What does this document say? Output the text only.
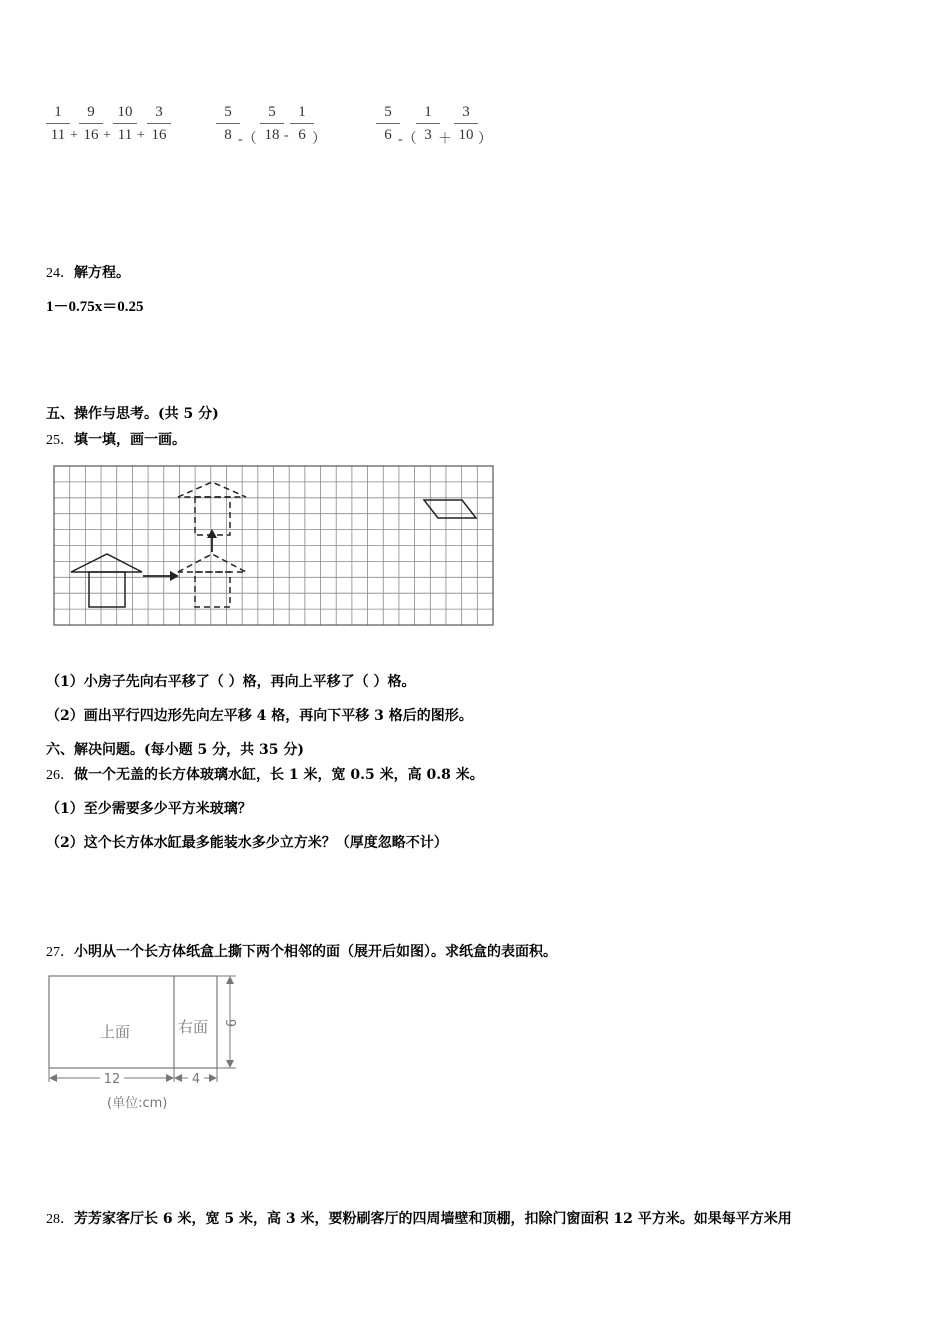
1
11 +
9
16 +
10
11 +
3
16
5
8 -（
5
18 -
1
6 ）
5
6 -（
1
3 ＋
3
10 ）
24．解方程。
1－0.75x＝0.25
五、操作与思考。(共 5 分)
25．填一填，画一画。
（1）小房子先向右平移了（ ）格，再向上平移了（ ）格。
（2）画出平行四边形先向左平移 4 格，再向下平移 3 格后的图形。
六、解决问题。(每小题 5 分，共 35 分)
26．做一个无盖的长方体玻璃水缸，长 1 米，宽 0.5 米，高 0.8 米。
（1）至少需要多少平方米玻璃？
（2）这个长方体水缸最多能装水多少立方米？（厚度忽略不计）
27．小明从一个长方体纸盒上撕下两个相邻的面（展开后如图）。求纸盒的表面积。
上面	右面 9
12	4
(单位:cm)
28．芳芳家客厅长 6 米，宽 5 米，高 3 米，要粉刷客厅的四周墙壁和顶棚，扣除门窗面积 12 平方米。如果每平方米用
